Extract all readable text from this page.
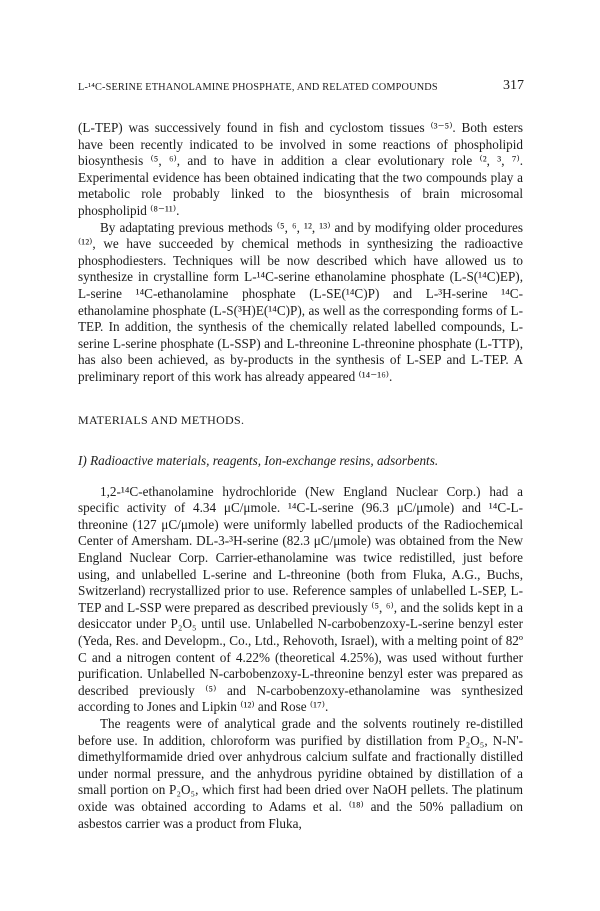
L-¹⁴C-SERINE ETHANOLAMINE PHOSPHATE, AND RELATED COMPOUNDS	317

(L-TEP) was successively found in fish and cyclostom tissues ⁽³⁻⁵⁾. Both esters have been recently indicated to be involved in some reactions of phospholipid biosynthesis ⁽⁵, ⁶⁾, and to have in addition a clear evolutionary role ⁽², ³, ⁷⁾. Experimental evidence has been obtained indicating that the two compounds play a metabolic role probably linked to the biosynthesis of brain microsomal phospholipid ⁽⁸⁻¹¹⁾.

By adaptating previous methods ⁽⁵, ⁶, ¹², ¹³⁾ and by modifying older procedures ⁽¹²⁾, we have succeeded by chemical methods in synthesizing the radioactive phosphodiesters. Techniques will be now described which have allowed us to synthesize in crystalline form L-¹⁴C-serine ethanolamine phosphate (L-S(¹⁴C)EP), L-serine ¹⁴C-ethanolamine phosphate (L-SE(¹⁴C)P) and L-³H-serine ¹⁴C-ethanolamine phosphate (L-S(³H)E(¹⁴C)P), as well as the corresponding forms of L-TEP. In addition, the synthesis of the chemically related labelled compounds, L-serine L-serine phosphate (L-SSP) and L-threonine L-threonine phosphate (L-TTP), has also been achieved, as by-products in the synthesis of L-SEP and L-TEP. A preliminary report of this work has already appeared ⁽¹⁴⁻¹⁶⁾.

MATERIALS AND METHODS.

I) Radioactive materials, reagents, Ion-exchange resins, adsorbents.

1,2-¹⁴C-ethanolamine hydrochloride (New England Nuclear Corp.) had a specific activity of 4.34 μC/μmole. ¹⁴C-L-serine (96.3 μC/μmole) and ¹⁴C-L-threonine (127 μC/μmole) were uniformly labelled products of the Radiochemical Center of Amersham. DL-3-³H-serine (82.3 μC/μmole) was obtained from the New England Nuclear Corp. Carrier-ethanolamine was twice redistilled, just before using, and unlabelled L-serine and L-threonine (both from Fluka, A.G., Buchs, Switzerland) recrystallized prior to use. Reference samples of unlabelled L-SEP, L-TEP and L-SSP were prepared as described previously ⁽⁵, ⁶⁾, and the solids kept in a desiccator under P₂O₅ until use. Unlabelled N-carbobenzoxy-L-serine benzyl ester (Yeda, Res. and Developm., Co., Ltd., Rehovoth, Israel), with a melting point of 82º C and a nitrogen content of 4.22% (theoretical 4.25%), was used without further purification. Unlabelled N-carbobenzoxy-L-threonine benzyl ester was prepared as described previously ⁽⁵⁾ and N-carbobenzoxy-ethanolamine was synthesized according to Jones and Lipkin ⁽¹²⁾ and Rose ⁽¹⁷⁾.

The reagents were of analytical grade and the solvents routinely re-distilled before use. In addition, chloroform was purified by distillation from P₂O₅, N-N'-dimethylformamide dried over anhydrous calcium sulfate and fractionally distilled under normal pressure, and the anhydrous pyridine obtained by distillation of a small portion on P₂O₅, which first had been dried over NaOH pellets. The platinum oxide was obtained according to Adams et al. ⁽¹⁸⁾ and the 50% palladium on asbestos carrier was a product from Fluka,
